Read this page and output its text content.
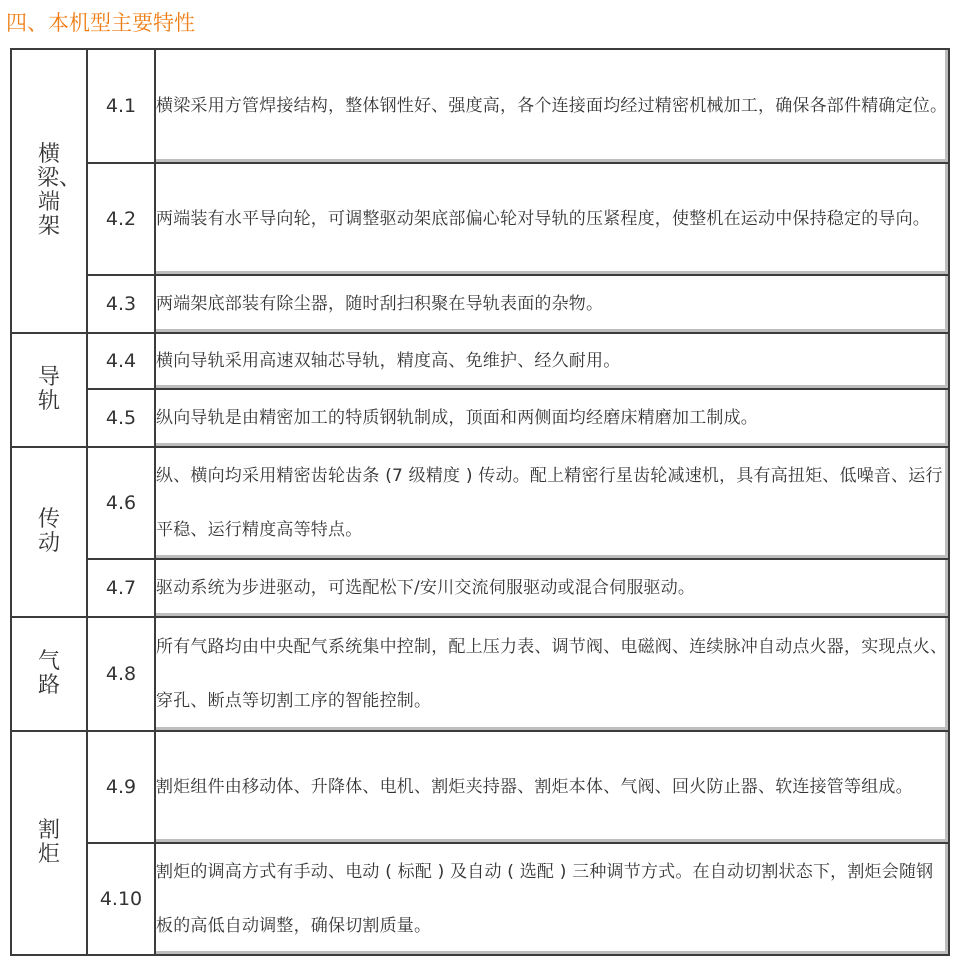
四、本机型主要特性
横梁、端架	4.1	横梁采用方管焊接结构，整体钢性好、强度高，各个连接面均经过精密机械加工，确保各部件精确定位。

	4.2	两端装有水平导向轮，可调整驱动架底部偏心轮对导轨的压紧程度，使整机在运动中保持稳定的导向。

	4.3	两端架底部装有除尘器，随时刮扫积聚在导轨表面的杂物。

导轨	4.4	横向导轨采用高速双轴芯导轨，精度高、免维护、经久耐用。

	4.5	纵向导轨是由精密加工的特质钢轨制成，顶面和两侧面均经磨床精磨加工制成。

传动	4.6	纵、横向均采用精密齿轮齿条 (7 级精度 ) 传动。配上精密行星齿轮减速机，具有高扭矩、低噪音、运行平稳、运行精度高等特点。

	4.7	驱动系统为步进驱动，可选配松下/安川交流伺服驱动或混合伺服驱动。

气路	4.8	所有气路均由中央配气系统集中控制，配上压力表、调节阀、电磁阀、连续脉冲自动点火器，实现点火、穿孔、断点等切割工序的智能控制。

割炬	4.9	割炬组件由移动体、升降体、电机、割炬夹持器、割炬本体、气阀、回火防止器、软连接管等组成。

	4.10	割炬的调高方式有手动、电动 ( 标配 ) 及自动 ( 选配 ) 三种调节方式。在自动切割状态下，割炬会随钢板的高低自动调整，确保切割质量。
